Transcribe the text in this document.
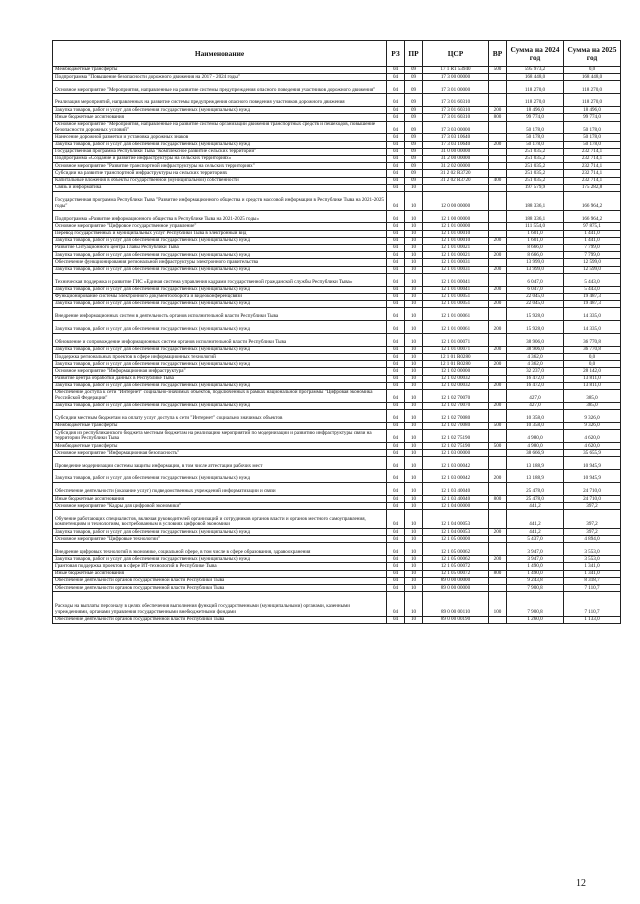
Наименование	РЗ	ПР	ЦСР	ВР	Сумма на 2024 год	Сумма на 2025 год
Межбюджетные трансферты	04	09	17 1 R1 53940	500	595 973,2	0,0
Подпрограмма "Повышение безопасности дорожного движения на 2017 - 2024 годы"	04	09	17 3 00 00000		168 448,0	168 448,0
Основное мероприятие "Мероприятия, направленные на развитие системы предупреждения опасного поведения участников дорожного движения"	04	09	17 3 01 00000		118 270,0	118 270,0
Реализация мероприятий, направленных на развитие системы предупреждения опасного поведения участников дорожного движения	04	09	17 3 01 60310		118 270,0	118 270,0
Закупка товаров, работ и услуг для обеспечения государственных (муниципальных) нужд	04	09	17 3 01 60310	200	18 496,0	18 496,0
Иные бюджетные ассигнования	04	09	17 3 01 60310	800	99 774,0	99 774,0
Основное мероприятие "Мероприятия, направленные на развитие системы организации движения транспортных средств и пешеходов, повышение безопасности дорожных условий"	04	09	17 3 03 00000		50 178,0	50 178,0
Нанесение дорожной разметки и установка дорожных знаков	04	09	17 3 03 10640		50 178,0	50 178,0
Закупка товаров, работ и услуг для обеспечения государственных (муниципальных) нужд	04	09	17 3 03 10640	200	50 178,0	50 178,0
Государственная программа Республики Тыва "Комплексное развитие сельских территорий"	04	09	31 0 00 00000		251 035,2	232 714,1
Подпрограмма «Создание и развитие инфраструктуры на сельских территориях»	04	09	31 2 00 00000		251 035,2	232 714,1
Основное мероприятие "Развитие транспортной инфраструктуры на сельских территориях"	04	09	31 2 02 00000		251 035,2	232 714,1
Субсидии на развитие транспортной инфраструктуры на сельских территориях	04	09	31 2 02 R3720		251 035,2	232 714,1
Капитальные вложения в объекты государственной (муниципальной) собственности	04	09	31 2 02 R3720	400	251 035,2	232 714,1
Связь и информатика	04	10			197 579,9	175 282,8
Государственная программа Республики Тыва "Развитие информационного общества и средств массовой информации в Республике Тыва на 2021-2025 годы"	04	10	12 0 00 00000		188 336,1	166 964,2
Подпрограмма «Развитие информационного общества в Республике Тыва на 2021-2025 годы»	04	10	12 1 00 00000		188 336,1	166 964,2
Основное мероприятие "Цифровое государственное управление"	04	10	12 1 01 00000		111 554,0	97 875,1
Перевод государственных и муниципальных услуг Республики Тыва в электронный вид	04	10	12 1 01 00010		1 601,0	1 441,0
Закупка товаров, работ и услуг для обеспечения государственных (муниципальных) нужд	04	10	12 1 01 00010	200	1 601,0	1 441,0
Развитие Ситуационного центра Главы Республики Тыва	04	10	12 1 01 00021		8 666,0	7 799,0
Закупка товаров, работ и услуг для обеспечения государственных (муниципальных) нужд	04	10	12 1 01 00021	200	8 666,0	7 799,0
Обеспечение функционирования региональной инфраструктуры электронного правительства	04	10	12 1 01 00031		13 999,0	12 599,0
Закупка товаров, работ и услуг для обеспечения государственных (муниципальных) нужд	04	10	12 1 01 00031	200	13 999,0	12 599,0
Техническая поддержка и развитие ГИС «Единая система управления кадрами государственной гражданской службы Республики Тыва»	04	10	12 1 01 00041		6 047,0	5 443,0
Закупка товаров, работ и услуг для обеспечения государственных (муниципальных) нужд	04	10	12 1 01 00041	200	6 047,0	5 443,0
Функционирование системы электронного документооборота и видеоконференцсвязи	04	10	12 1 01 00051		22 045,0	19 487,3
Закупка товаров, работ и услуг для обеспечения государственных (муниципальных) нужд	04	10	12 1 01 00051	200	22 045,0	19 487,3
Внедрение информационных систем в деятельность органов исполнительной власти Республики Тыва	04	10	12 1 01 00061		15 928,0	14 335,0
Закупка товаров, работ и услуг для обеспечения государственных (муниципальных) нужд	04	10	12 1 01 00061	200	15 928,0	14 335,0
Обновление и сопровождение информационных систем органов исполнительной власти Республики Тыва	04	10	12 1 01 00071		38 906,0	36 770,8
Закупка товаров, работ и услуг для обеспечения государственных (муниципальных) нужд	04	10	12 1 01 00071	200	38 906,0	36 770,8
Поддержка региональных проектов в сфере информационных технологий	04	10	12 1 01 R0280		4 362,0	0,0
Закупка товаров, работ и услуг для обеспечения государственных (муниципальных) нужд	04	10	12 1 01 R0280	200	4 362,0	0,0
Основное мероприятие "Информационная инфраструктура"	04	10	12 1 02 00000		32 237,0	28 142,0
Развитие центра обработки данных в Республике Тыва	04	10	12 1 02 00032		16 472,0	13 811,0
Закупка товаров, работ и услуг для обеспечения государственных (муниципальных) нужд	04	10	12 1 02 00032	200	16 472,0	13 811,0
Обеспечение доступа к сети "Интернет" социально-значимых объектов, подключенных в рамках национальной программы "Цифровая экономика Российской Федерации"	04	10	12 1 02 70070		427,0	385,0
Закупка товаров, работ и услуг для обеспечения государственных (муниципальных) нужд	04	10	12 1 02 70070	200	427,0	385,0
Субсидии местным бюджетам на оплату услуг доступа к сети "Интернет" социально значимых объектов	04	10	12 1 02 70080		10 358,0	9 326,0
Межбюджетные трансферты	04	10	12 1 02 70080	500	10 358,0	9 326,0
Субсидия из республиканского бюджета местным бюджетам на реализацию мероприятий по модернизации и развитию инфраструктуры связи на территории Республики Тыва	04	10	12 1 02 75190		4 980,0	4 620,0
Межбюджетные трансферты	04	10	12 1 02 75190	500	4 980,0	4 620,0
Основное мероприятие "Информационная безопасность"	04	10	12 1 03 00000		38 666,9	35 655,9
Проведение модернизации системы защиты информации, в том числе аттестации рабочих мест	04	10	12 1 03 00042		13 188,9	10 945,9
Закупка товаров, работ и услуг для обеспечения государственных (муниципальных) нужд	04	10	12 1 03 00042	200	13 188,9	10 945,9
Обеспечение деятельности (оказание услуг) подведомственных учреждений информатизации и связи	04	10	12 1 03 40040		25 478,0	24 710,0
Иные бюджетные ассигнования	04	10	12 1 03 40040	800	25 478,0	24 710,0
Основное мероприятие "Кадры для цифровой экономики"	04	10	12 1 04 00000		441,2	397,2
Обучение работающих специалистов, включая руководителей организаций и сотрудников органов власти и органов местного самоуправления, компетенциям и технологиям, востребованным в условиях цифровой экономики	04	10	12 1 04 00053		441,2	397,2
Закупка товаров, работ и услуг для обеспечения государственных (муниципальных) нужд	04	10	12 1 04 00053	200	441,2	397,2
Основное мероприятие "Цифровые технологии"	04	10	12 1 05 00000		5 437,0	4 894,0
Внедрение цифровых технологий в экономике, социальной сфере, в том числе в сфере образования, здравоохранения	04	10	12 1 05 00062		3 947,0	3 553,0
Закупка товаров, работ и услуг для обеспечения государственных (муниципальных) нужд	04	10	12 1 05 00062	200	3 947,0	3 553,0
Грантовая поддержка проектов в сфере ИТ-технологий в Республике Тыва	04	10	12 1 05 00072		1 490,0	1 341,0
Иные бюджетные ассигнования	04	10	12 1 05 00072	800	1 490,0	1 341,0
Обеспечение деятельности органов государственной власти Республики Тыва	04	10	89 0 00 00000		9 243,8	8 318,7
Обеспечение деятельности органов государственной власти Республики Тыва	04	10	89 0 00 00000		7 900,8	7 110,7
Расходы на выплаты персоналу в целях обеспечения выполнения функций государственными (муниципальными) органами, казенными учреждениями, органами управления государственными внебюджетными фондами	04	10	89 0 00 00110	100	7 900,8	7 110,7
Обеспечение деятельности органов государственной власти Республики Тыва	04	10	89 0 00 00190		1 260,0	1 133,0
12
